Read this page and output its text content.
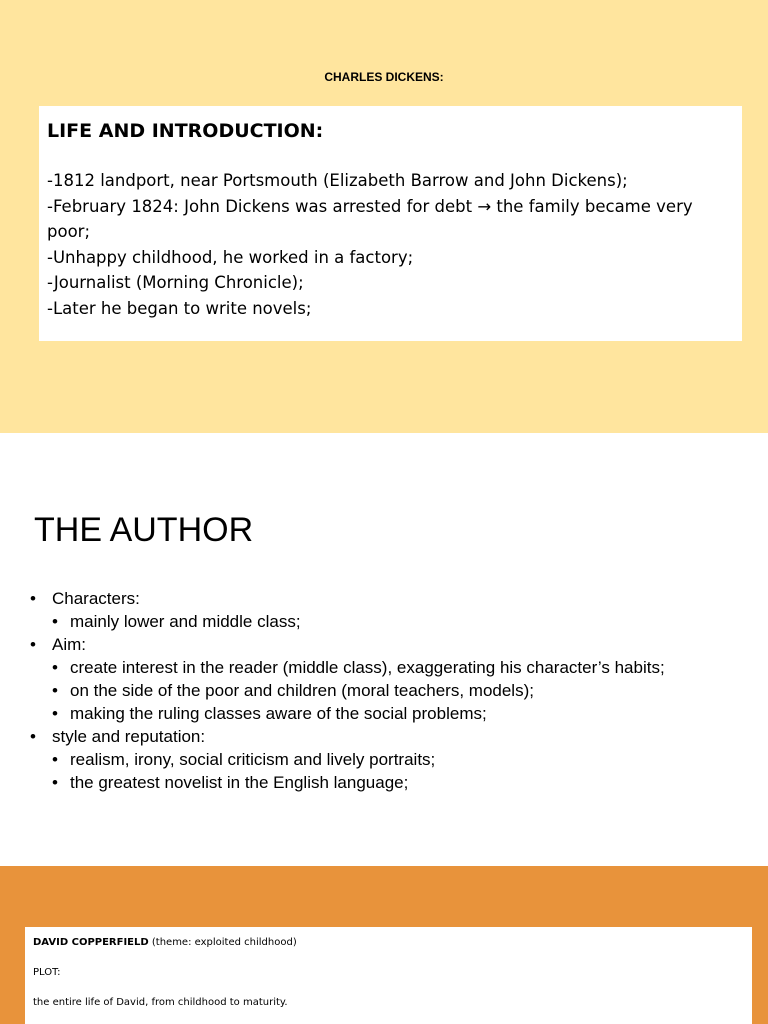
CHARLES DICKENS:
LIFE AND INTRODUCTION:
-1812 landport, near Portsmouth (Elizabeth Barrow and John Dickens);
-February 1824: John Dickens was arrested for debt → the family became very poor;
-Unhappy childhood, he worked in a factory;
-Journalist (Morning Chronicle);
-Later he began to write novels;
THE AUTHOR
• Characters:
• mainly lower and middle class;
• Aim:
• create interest in the reader (middle class), exaggerating his character’s habits;
• on the side of the poor and children (moral teachers, models);
• making the ruling classes aware of the social problems;
• style and reputation:
• realism, irony, social criticism and lively portraits;
• the greatest novelist in the English language;
DAVID COPPERFIELD (theme: exploited childhood)
PLOT:
the entire life of David, from childhood to maturity.
